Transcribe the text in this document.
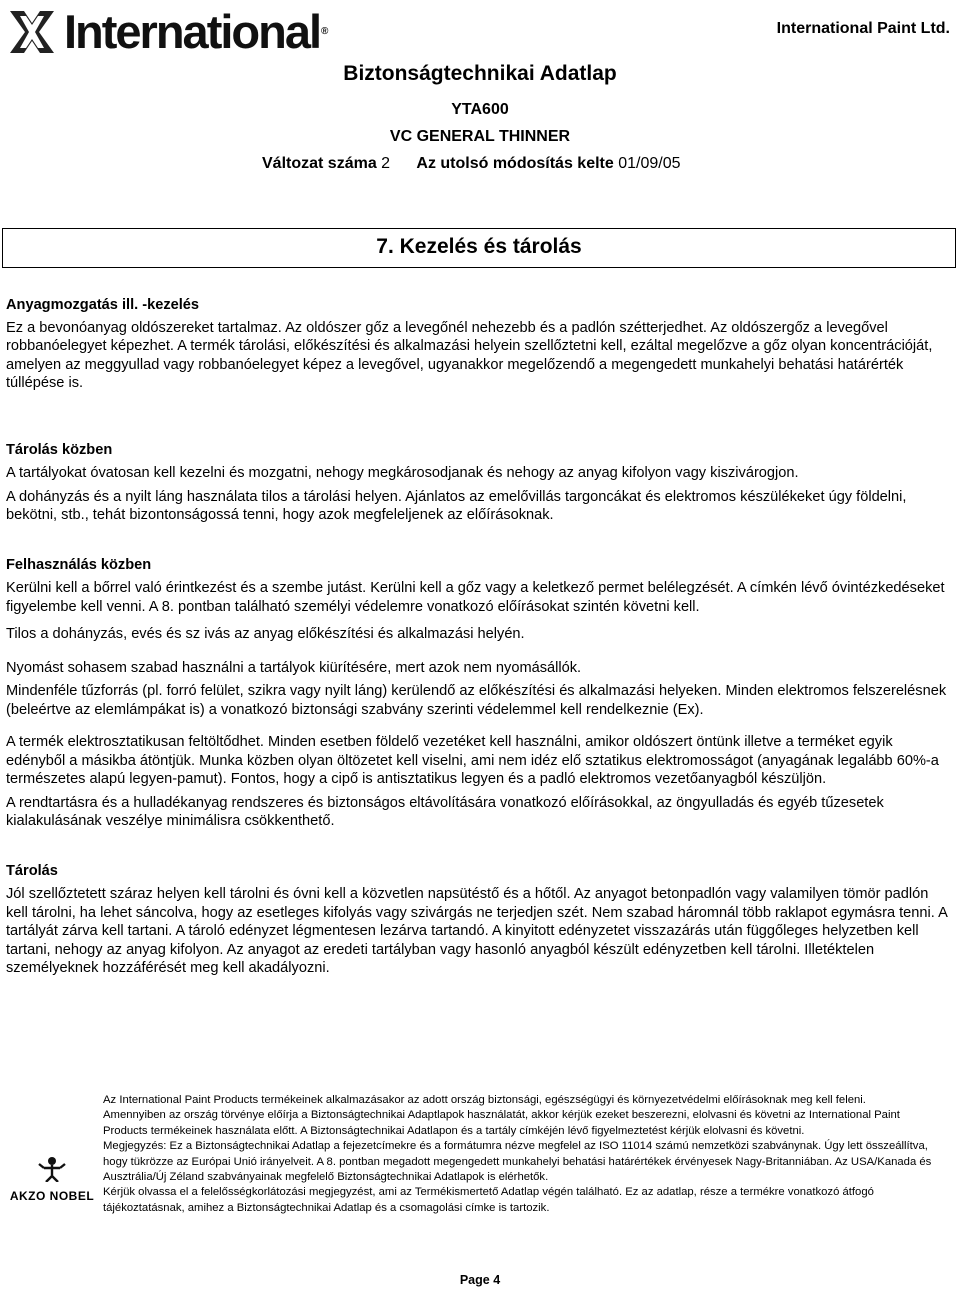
International®	International Paint Ltd.
Biztonságtechnikai Adatlap
YTA600
VC GENERAL THINNER
Változat száma 2 Az utolsó módosítás kelte 01/09/05
7. Kezelés és tárolás

Anyagmozgatás ill. -kezelés

Ez a bevonóanyag oldószereket tartalmaz. Az oldószer gőz a levegőnél nehezebb és a padlón szétterjedhet. Az oldószergőz a levegővel robbanóelegyet képezhet. A termék tárolási, előkészítési és alkalmazási helyein szellőztetni kell, ezáltal megelőzve a gőz olyan koncentrációját, amelyen az meggyullad vagy robbanóelegyet képez a levegővel, ugyanakkor megelőzendő a megengedett munkahelyi behatási határérték túllépése is.

Tárolás közben

A tartályokat óvatosan kell kezelni és mozgatni, nehogy megkárosodjanak és nehogy az anyag kifolyon vagy kiszivárogjon.

A dohányzás és a nyilt láng használata tilos a tárolási helyen. Ajánlatos az emelővillás targoncákat és elektromos készülékeket úgy földelni, bekötni, stb., tehát bizontonságossá tenni, hogy azok megfeleljenek az előírásoknak.

Felhasználás közben

Kerülni kell a bőrrel való érintkezést és a szembe jutást. Kerülni kell a gőz vagy a keletkező permet belélegzését. A címkén lévő óvintézkedéseket figyelembe kell venni. A 8. pontban található személyi védelemre vonatkozó előírásokat szintén követni kell.

Tilos a dohányzás, evés és sz ivás az anyag előkészítési és alkalmazási helyén.

Nyomást sohasem szabad használni a tartályok kiürítésére, mert azok nem nyomásállók.

Mindenféle tűzforrás (pl. forró felület, szikra vagy nyilt láng) kerülendő az előkészítési és alkalmazási helyeken. Minden elektromos felszerelésnek (beleértve az elemlámpákat is) a vonatkozó biztonsági szabvány szerinti védelemmel kell rendelkeznie (Ex).

A termék elektrosztatikusan feltöltődhet. Minden esetben földelő vezetéket kell használni, amikor oldószert öntünk illetve a terméket egyik edényből a másikba átöntjük. Munka közben olyan öltözetet kell viselni, ami nem idéz elő sztatikus elektromosságot (anyagának legalább 60%-a természetes alapú legyen-pamut). Fontos, hogy a cipő is antisztatikus legyen és a padló elektromos vezetőanyagból készüljön.

A rendtartásra és a hulladékanyag rendszeres és biztonságos eltávolítására vonatkozó előírásokkal, az öngyulladás és egyéb tűzesetek kialakulásának veszélye minimálisra csökkenthető.

Tárolás

Jól szellőztetett száraz helyen kell tárolni és óvni kell a közvetlen napsütéstő és a hőtől. Az anyagot betonpadlón vagy valamilyen tömör padlón kell tárolni, ha lehet sáncolva, hogy az esetleges kifolyás vagy szivárgás ne terjedjen szét. Nem szabad háromnál több raklapot egymásra tenni. A tartályát zárva kell tartani. A tároló edényzet légmentesen lezárva tartandó. A kinyitott edényzetet visszazárás után függőleges helyzetben kell tartani, nehogy az anyag kifolyon. Az anyagot az eredeti tartályban vagy hasonló anyagból készült edényzetben kell tárolni. Illetéktelen személyeknek hozzáférését meg kell akadályozni.

AKZO NOBEL

Az International Paint Products termékeinek alkalmazásakor az adott ország biztonsági, egészségügyi és környezetvédelmi előírásoknak meg kell feleni.

Amennyiben az ország törvénye előírja a Biztonságtechnikai Adaptlapok használatát, akkor kérjük ezeket beszerezni, elolvasni és követni az International Paint Products termékeinek használata előtt. A Biztonságtechnikai Adatlapon és a tartály címkéjén lévő figyelmeztetést kérjük elolvasni és követni.

Megjegyzés: Ez a Biztonságtechnikai Adatlap a fejezetcímekre és a formátumra nézve megfelel az ISO 11014 számú nemzetközi szabványnak. Úgy lett összeállítva, hogy tükrözze az Európai Unió irányelveit. A 8. pontban megadott megengedett munkahelyi behatási határértékek érvényesek Nagy-Britanniában. Az USA/Kanada és Ausztrália/Új Zéland szabványainak megfelelő Biztonságtechnikai Adatlapok is elérhetők.

Kérjük olvassa el a felelősségkorlátozási megjegyzést, ami az Termékismertető Adatlap végén található. Ez az adatlap, része a termékre vonatkozó átfogó tájékoztatásnak, amihez a Biztonságtechnikai Adatlap és a csomagolási címke is tartozik.

Page 4
